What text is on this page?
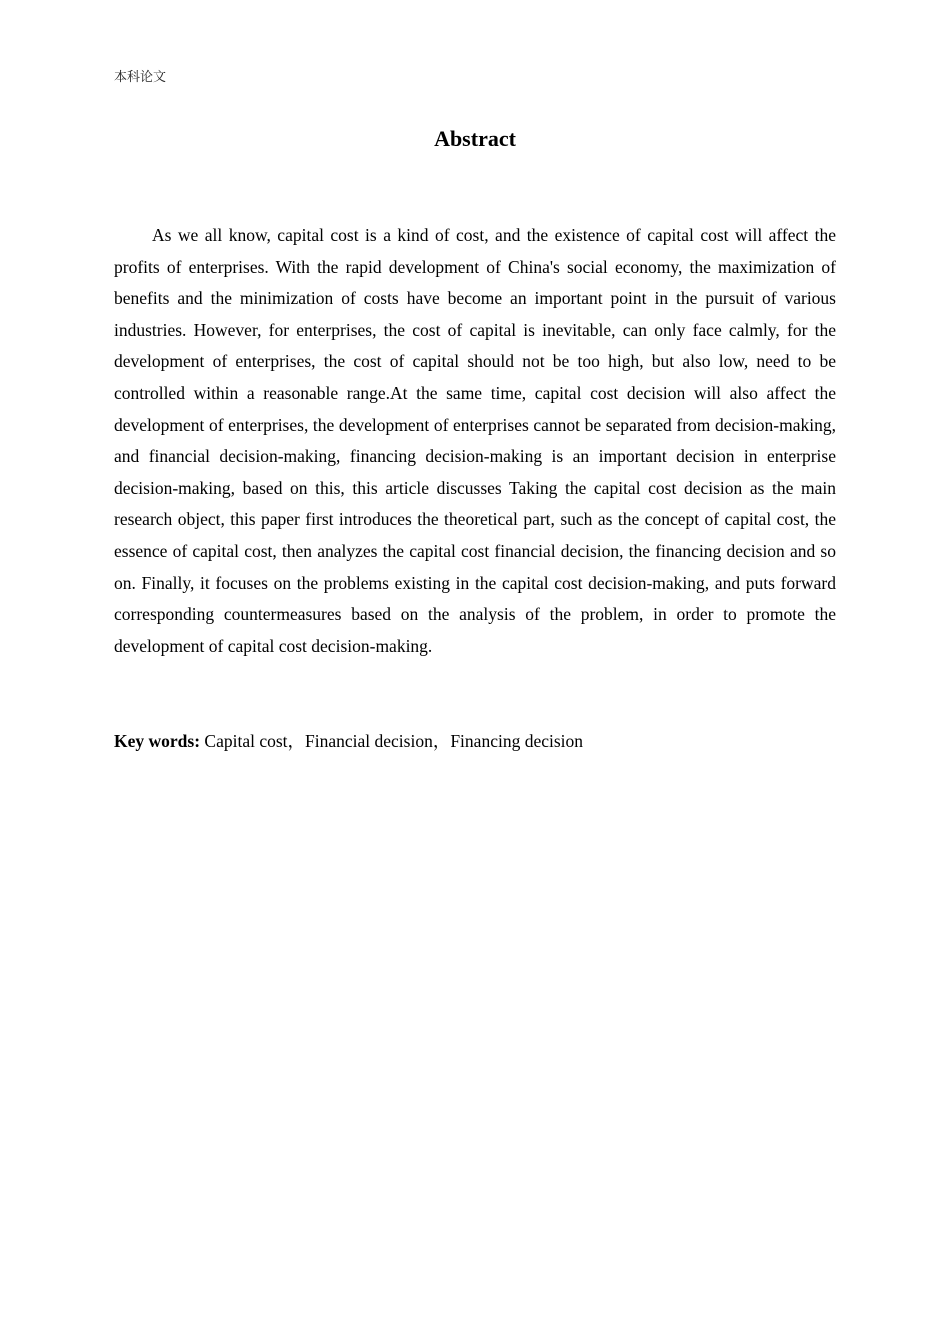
本科论文
Abstract

As we all know, capital cost is a kind of cost, and the existence of capital cost will affect the profits of enterprises. With the rapid development of China's social economy, the maximization of benefits and the minimization of costs have become an important point in the pursuit of various industries. However, for enterprises, the cost of capital is inevitable, can only face calmly, for the development of enterprises, the cost of capital should not be too high, but also low, need to be controlled within a reasonable range.At the same time, capital cost decision will also affect the development of enterprises, the development of enterprises cannot be separated from decision-making, and financial decision-making, financing decision-making is an important decision in enterprise decision-making, based on this, this article discusses Taking the capital cost decision as the main research object, this paper first introduces the theoretical part, such as the concept of capital cost, the essence of capital cost, then analyzes the capital cost financial decision, the financing decision and so on. Finally, it focuses on the problems existing in the capital cost decision-making, and puts forward corresponding countermeasures based on the analysis of the problem, in order to promote the development of capital cost decision-making.

Key words: Capital cost，Financial decision，Financing decision
